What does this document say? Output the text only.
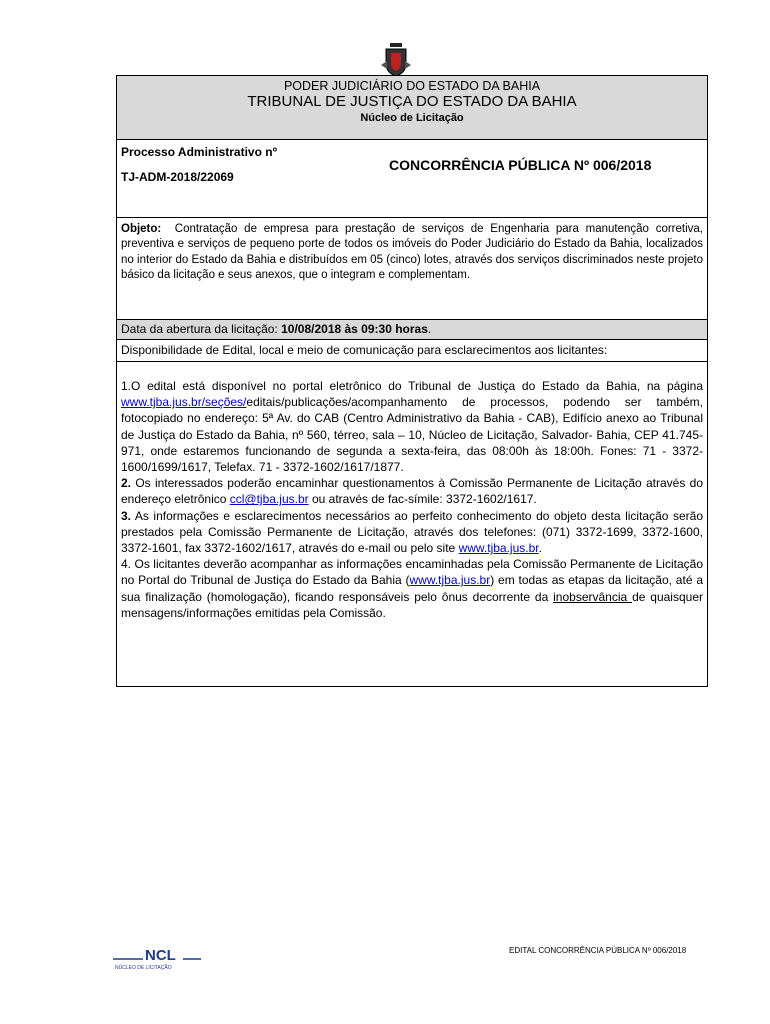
PODER JUDICIÁRIO DO ESTADO DA BAHIA
TRIBUNAL DE JUSTIÇA DO ESTADO DA BAHIA
Núcleo de Licitação
Processo Administrativo nº
TJ-ADM-2018/22069
CONCORRÊNCIA PÚBLICA Nº 006/2018
Objeto: Contratação de empresa para prestação de serviços de Engenharia para manutenção corretiva, preventiva e serviços de pequeno porte de todos os imóveis do Poder Judiciário do Estado da Bahia, localizados no interior do Estado da Bahia e distribuídos em 05 (cinco) lotes, através dos serviços discriminados neste projeto básico da licitação e seus anexos, que o integram e complementam.
Data da abertura da licitação: 10/08/2018 às 09:30 horas.
Disponibilidade de Edital, local e meio de comunicação para esclarecimentos aos licitantes:

1.O edital está disponível no portal eletrônico do Tribunal de Justiça do Estado da Bahia, na página www.tjba.jus.br/seções/editais/publicações/acompanhamento de processos, podendo ser também, fotocopiado no endereço: 5ª Av. do CAB (Centro Administrativo da Bahia - CAB), Edifício anexo ao Tribunal de Justiça do Estado da Bahia, nº 560, térreo, sala – 10, Núcleo de Licitação, Salvador- Bahia, CEP 41.745-971, onde estaremos funcionando de segunda a sexta-feira, das 08:00h às 18:00h. Fones: 71 - 3372-1600/1699/1617, Telefax. 71 - 3372-1602/1617/1877.

2. Os interessados poderão encaminhar questionamentos à Comissão Permanente de Licitação através do endereço eletrônico ccl@tjba.jus.br ou através de fac-símile: 3372-1602/1617.

3. As informações e esclarecimentos necessários ao perfeito conhecimento do objeto desta licitação serão prestados pela Comissão Permanente de Licitação, através dos telefones: (071) 3372-1699, 3372-1600, 3372-1601, fax 3372-1602/1617, através do e-mail ou pelo site www.tjba.jus.br.

4. Os licitantes deverão acompanhar as informações encaminhadas pela Comissão Permanente de Licitação no Portal do Tribunal de Justiça do Estado da Bahia (www.tjba.jus.br) em todas as etapas da licitação, até a sua finalização (homologação), ficando responsáveis pelo ônus decorrente da inobservância de quaisquer mensagens/informações emitidas pela Comissão.

NCL
NÚCLEO DE LICITAÇÃO
EDITAL CONCORRÊNCIA PÚBLICA Nº 006/2018
